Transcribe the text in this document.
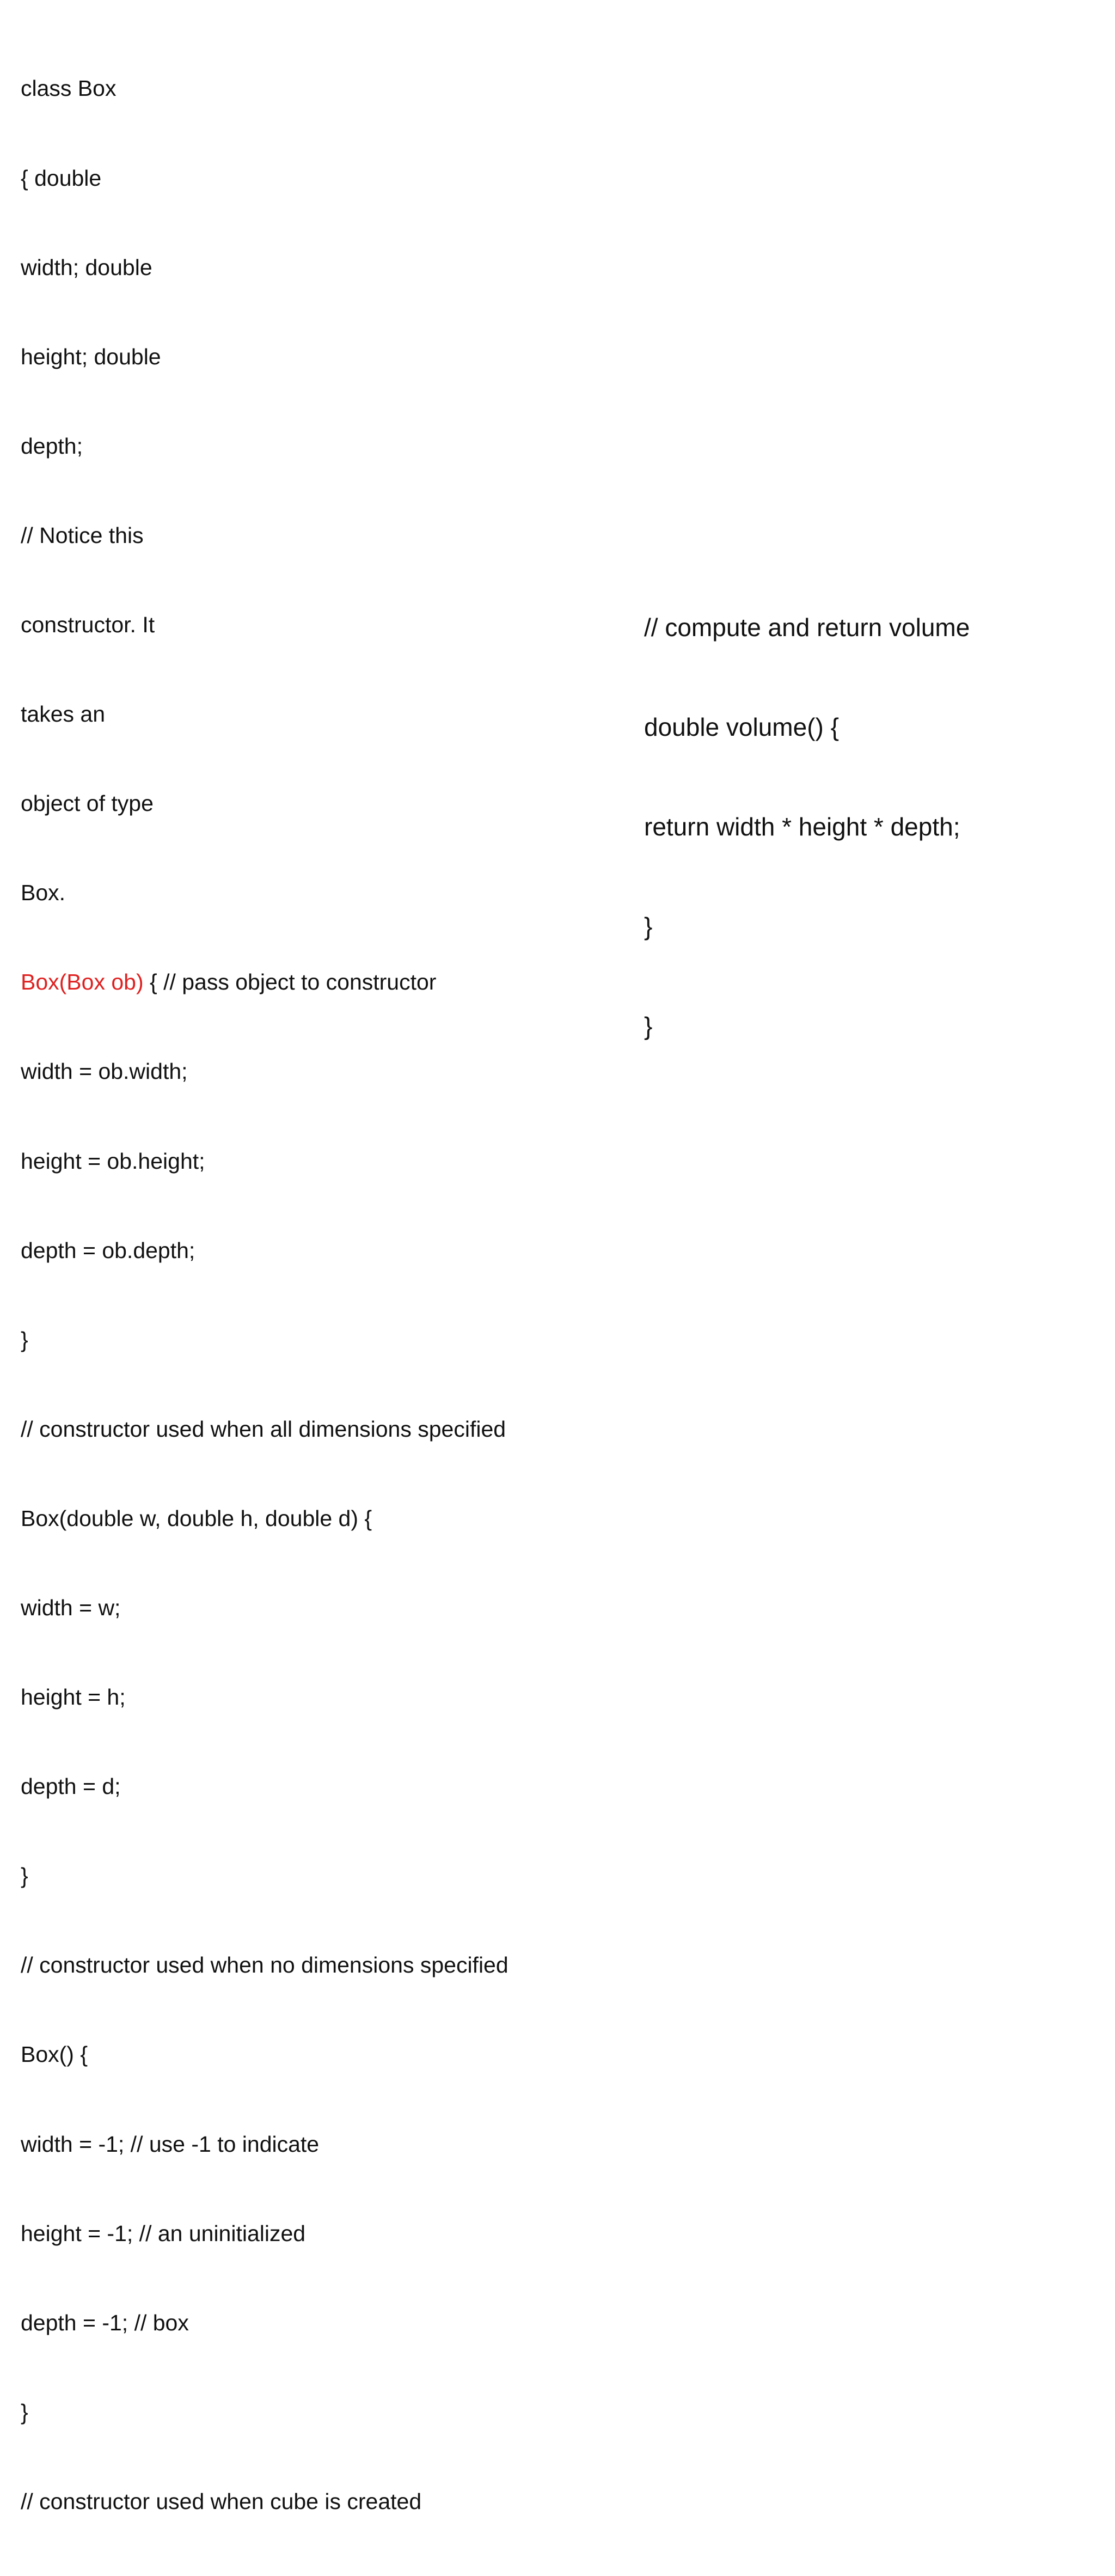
class Box

{ double

width; double

height; double

depth;

// Notice this

constructor. It

takes an

object of type

Box.

Box(Box ob) { // pass object to constructor

width = ob.width;

height = ob.height;

depth = ob.depth;

}

// constructor used when all dimensions specified

Box(double w, double h, double d) {

width = w;

height = h;

depth = d;

}

// constructor used when no dimensions specified

Box() {

width = -1; // use -1 to indicate

height = -1; // an uninitialized

depth = -1; // box

}

// constructor used when cube is created

// compute and return volume

double volume() {

return width * height * depth;

}

}
